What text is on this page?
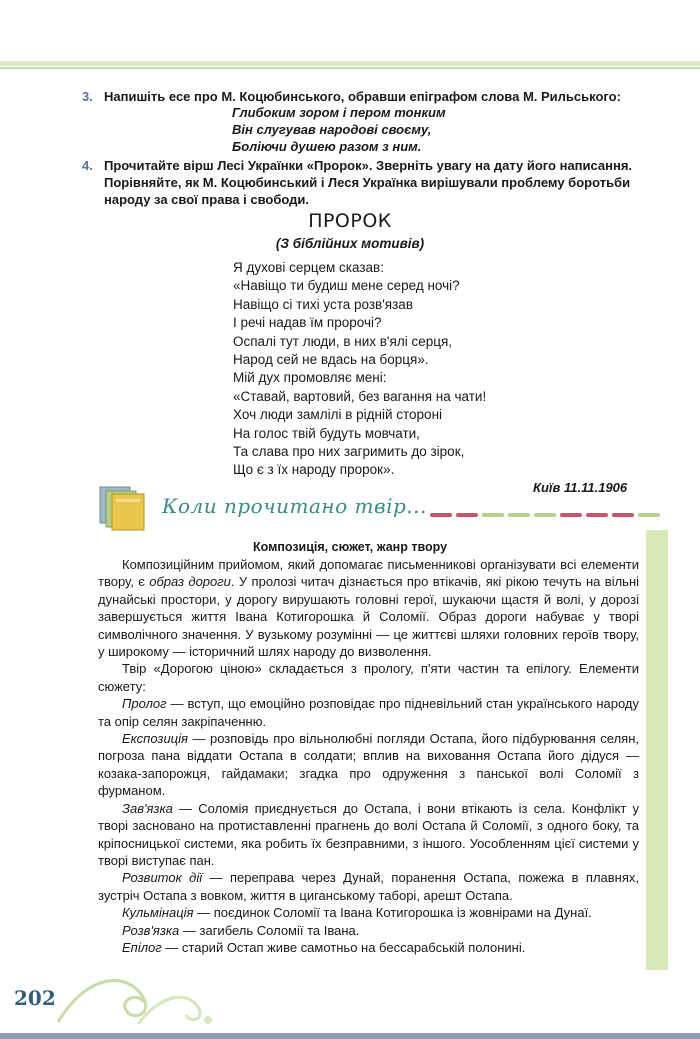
3. Напишіть есе про М. Коцюбинського, обравши епіграфом слова М. Рильського:
Глибоким зором і пером тонким
Він слугував народові своєму,
Боліючи душею разом з ним.
4. Прочитайте вірш Лесі Українки «Пророк». Зверніть увагу на дату його написання.
Порівняйте, як М. Коцюбинський і Леся Українка вирішували проблему боротьби
народу за свої права і свободи.
ПРОРОК
(З біблійних мотивів)
Я духові серцем сказав:
«Навіщо ти будиш мене серед ночі?
Навіщо сі тихі уста розв'язав
І речі надав їм пророчі?
Оспалі тут люди, в них в'ялі серця,
Народ сей не вдась на борця».
Мій дух промовляє мені:
«Ставай, вартовий, без вагання на чати!
Хоч люди замлілі в рідній стороні
На голос твій будуть мовчати,
Та слава про них загримить до зірок,
Що є з їх народу пророк».
Київ 11.11.1906
Коли прочитано твір...
Композиція, сюжет, жанр твору

Композиційним прийомом, який допомагає письменникові організувати всі елементи твору, є образ дороги. У пролозі читач дізнається про втікачів, які рікою течуть на вільні дунайські простори, у дорогу вирушають головні герої, шукаючи щастя й волі, у дорозі завершується життя Івана Котигорошка й Соломії. Образ дороги набуває у творі символічного значення. У вузькому розумінні — це життєві шляхи головних героїв твору, у широкому — історичний шлях народу до визволення.

Твір «Дорогою ціною» складається з прологу, п'яти частин та епілогу. Елементи сюжету:

Пролог — вступ, що емоційно розповідає про підневільний стан українського народу та опір селян закріпаченню.

Експозиція — розповідь про вільнолюбні погляди Остапа, його підбурювання селян, погроза пана віддати Остапа в солдати; вплив на виховання Остапа його дідуся — козака-запорожця, гайдамаки; згадка про одруження з панської волі Соломії з фурманом.

Зав'язка — Соломія приєднується до Остапа, і вони втікають із села. Конфлікт у творі засновано на протиставленні прагнень до волі Остапа й Соломії, з одного боку, та кріпосницької системи, яка робить їх безправними, з іншого. Уособленням цієї системи у творі виступає пан.

Розвиток дії — переправа через Дунай, поранення Остапа, пожежа в плавнях, зустріч Остапа з вовком, життя в циганському таборі, арешт Остапа.

Кульмінація — поєдинок Соломії та Івана Котигорошка із жовнірами на Дунаї.

Розв'язка — загибель Соломії та Івана.

Епілог — старий Остап живе самотньо на бессарабській полонині.

202
